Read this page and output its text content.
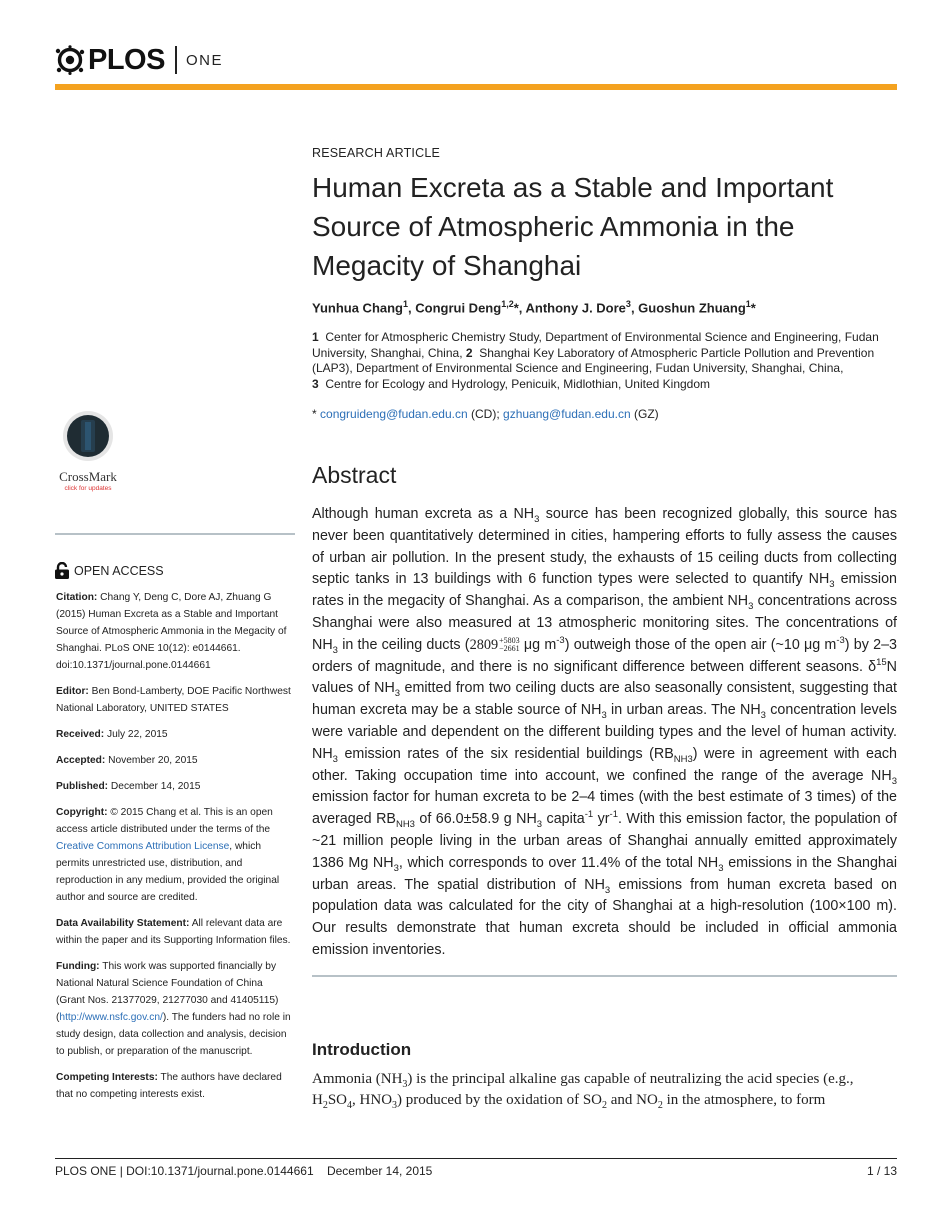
PLOS ONE
RESEARCH ARTICLE
Human Excreta as a Stable and Important
Source of Atmospheric Ammonia in the
Megacity of Shanghai
Yunhua Chang$^1$, Congrui Deng$^{1,2}$*, Anthony J. Dore$^3$, Guoshun Zhuang$^1$*
1 Center for Atmospheric Chemistry Study, Department of Environmental Science and Engineering, Fudan University, Shanghai, China, 2 Shanghai Key Laboratory of Atmospheric Particle Pollution and Prevention (LAP3), Department of Environmental Science and Engineering, Fudan University, Shanghai, China,
3 Centre for Ecology and Hydrology, Penicuik, Midlothian, United Kingdom
* congruideng@fudan.edu.cn (CD); gzhuang@fudan.edu.cn (GZ)
CrossMark
click for updates
OPEN ACCESS

Citation: Chang Y, Deng C, Dore AJ, Zhuang G (2015) Human Excreta as a Stable and Important Source of Atmospheric Ammonia in the Megacity of Shanghai. PLoS ONE 10(12): e0144661. doi:10.1371/journal.pone.0144661

Editor: Ben Bond-Lamberty, DOE Pacific Northwest National Laboratory, UNITED STATES

Received: July 22, 2015

Accepted: November 20, 2015

Published: December 14, 2015

Copyright: © 2015 Chang et al. This is an open access article distributed under the terms of the Creative Commons Attribution License, which permits unrestricted use, distribution, and reproduction in any medium, provided the original author and source are credited.

Data Availability Statement: All relevant data are within the paper and its Supporting Information files.

Funding: This work was supported financially by National Natural Science Foundation of China (Grant Nos. 21377029, 21277030 and 41405115) (http://www.nsfc.gov.cn/). The funders had no role in study design, data collection and analysis, decision to publish, or preparation of the manuscript.

Competing Interests: The authors have declared that no competing interests exist.

Abstract
Although human excreta as a $NH_3$ source has been recognized globally, this source has never been quantitatively determined in cities, hampering efforts to fully assess the causes of urban air pollution. In the present study, the exhausts of 15 ceiling ducts from collecting septic tanks in 13 buildings with 6 function types were selected to quantify $NH_3$ emission rates in the megacity of Shanghai. As a comparison, the ambient $NH_3$ concentrations across Shanghai were also measured at 13 atmospheric monitoring sites. The concentrations of $NH_3$ in the ceiling ducts (2809+5803
−2661 μg $m^{-3}$) outweigh those of the open air (~10 μg $m^{-3}$) by 2–3 orders of magnitude, and there is no significant difference between different seasons. $\delta^{15}N$ values of $NH_3$ emitted from two ceiling ducts are also seasonally consistent, suggesting that human excreta may be a stable source of $NH_3$ in urban areas. The $NH_3$ concentration levels were variable and dependent on the different building types and the level of human activity. $NH_3$ emission rates of the six residential buildings $(RB_{NH3})$ were in agreement with each other. Taking occupation time into account, we confined the range of the average $NH_3$ emission factor for human excreta to be 2–4 times (with the best estimate of 3 times) of the averaged $RB_{NH3}$ of 66.0±58.9 g $NH_3$ capita$^{-1}$ $yr^{-1}$. With this emission factor, the population of ~21 million people living in the urban areas of Shanghai annually emitted approximately 1386 Mg $NH_3$, which corresponds to over 11.4% of the total $NH_3$ emissions in the Shanghai urban areas. The spatial distribution of $NH_3$ emissions from human excreta based on population data was calculated for the city of Shanghai at a high-resolution (100×100 m). Our results demonstrate that human excreta should be included in official ammonia emission inventories.
Introduction
Ammonia $(NH_3)$ is the principal alkaline gas capable of neutralizing the acid species (e.g., $H_2SO_4$, $HNO_3$) produced by the oxidation of $SO_2$ and $NO_2$ in the atmosphere, to form
PLOS ONE | DOI:10.1371/journal.pone.0144661    December 14, 2015	1 / 13
